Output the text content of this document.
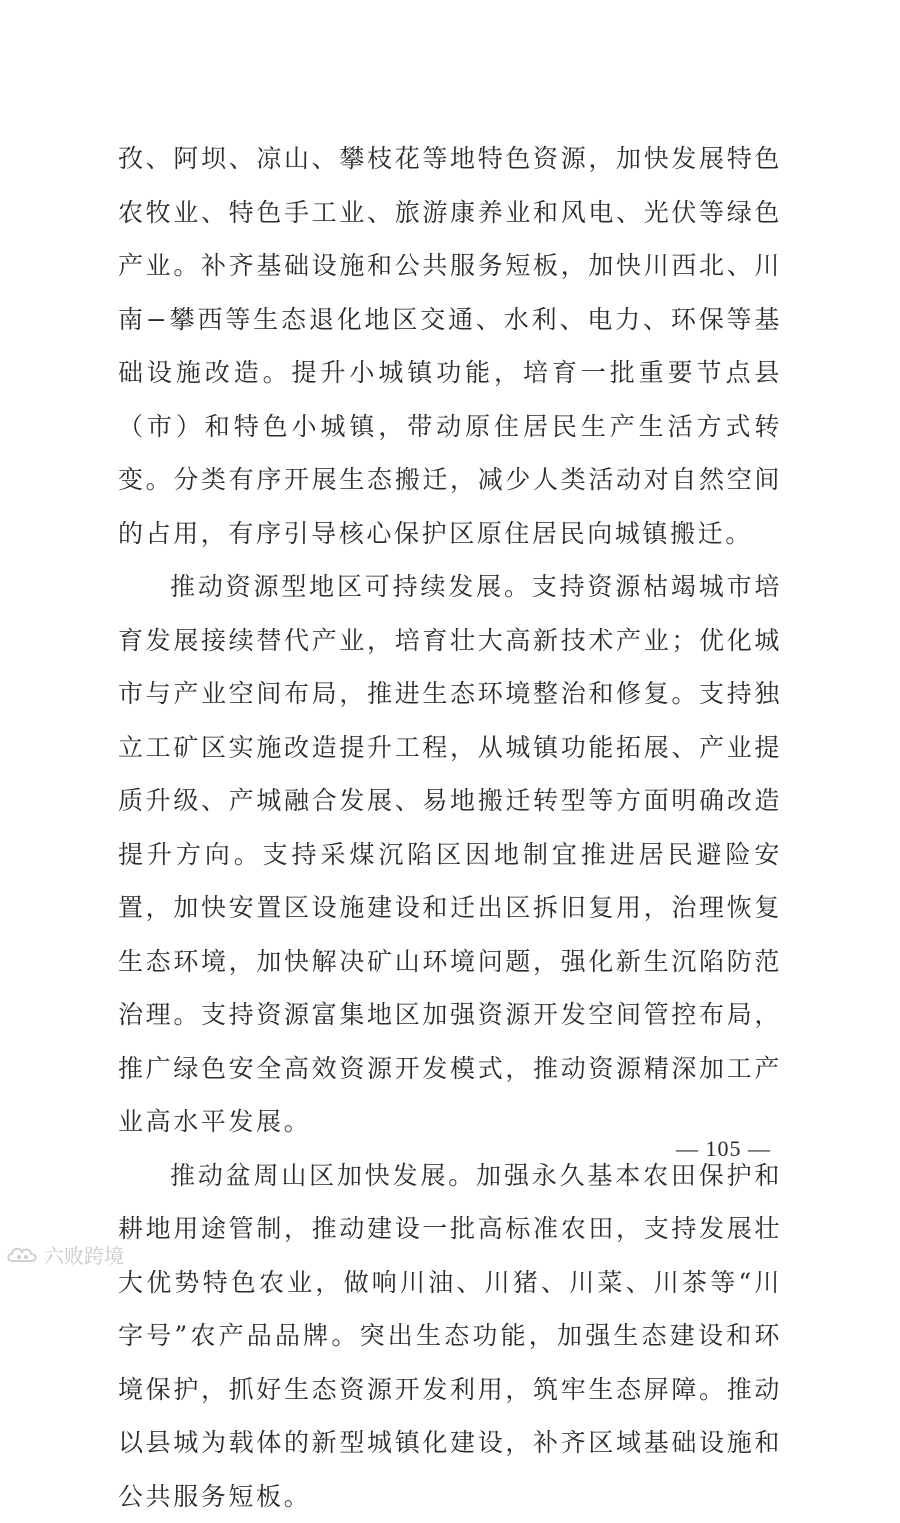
孜、阿坝、凉山、攀枝花等地特色资源，加快发展特色农牧业、特色手工业、旅游康养业和风电、光伏等绿色产业。补齐基础设施和公共服务短板，加快川西北、川南−攀西等生态退化地区交通、水利、电力、环保等基础设施改造。提升小城镇功能，培育一批重要节点县（市）和特色小城镇，带动原住居民生产生活方式转变。分类有序开展生态搬迁，减少人类活动对自然空间的占用，有序引导核心保护区原住居民向城镇搬迁。

推动资源型地区可持续发展。支持资源枯竭城市培育发展接续替代产业，培育壮大高新技术产业；优化城市与产业空间布局，推进生态环境整治和修复。支持独立工矿区实施改造提升工程，从城镇功能拓展、产业提质升级、产城融合发展、易地搬迁转型等方面明确改造提升方向。支持采煤沉陷区因地制宜推进居民避险安置，加快安置区设施建设和迁出区拆旧复用，治理恢复生态环境，加快解决矿山环境问题，强化新生沉陷防范治理。支持资源富集地区加强资源开发空间管控布局，推广绿色安全高效资源开发模式，推动资源精深加工产业高水平发展。

推动盆周山区加快发展。加强永久基本农田保护和耕地用途管制，推动建设一批高标准农田，支持发展壮大优势特色农业，做响川油、川猪、川菜、川茶等“川字号”农产品品牌。突出生态功能，加强生态建设和环境保护，抓好生态资源开发利用，筑牢生态屏障。推动以县城为载体的新型城镇化建设，补齐区域基础设施和公共服务短板。

— 105 —
六败跨境
